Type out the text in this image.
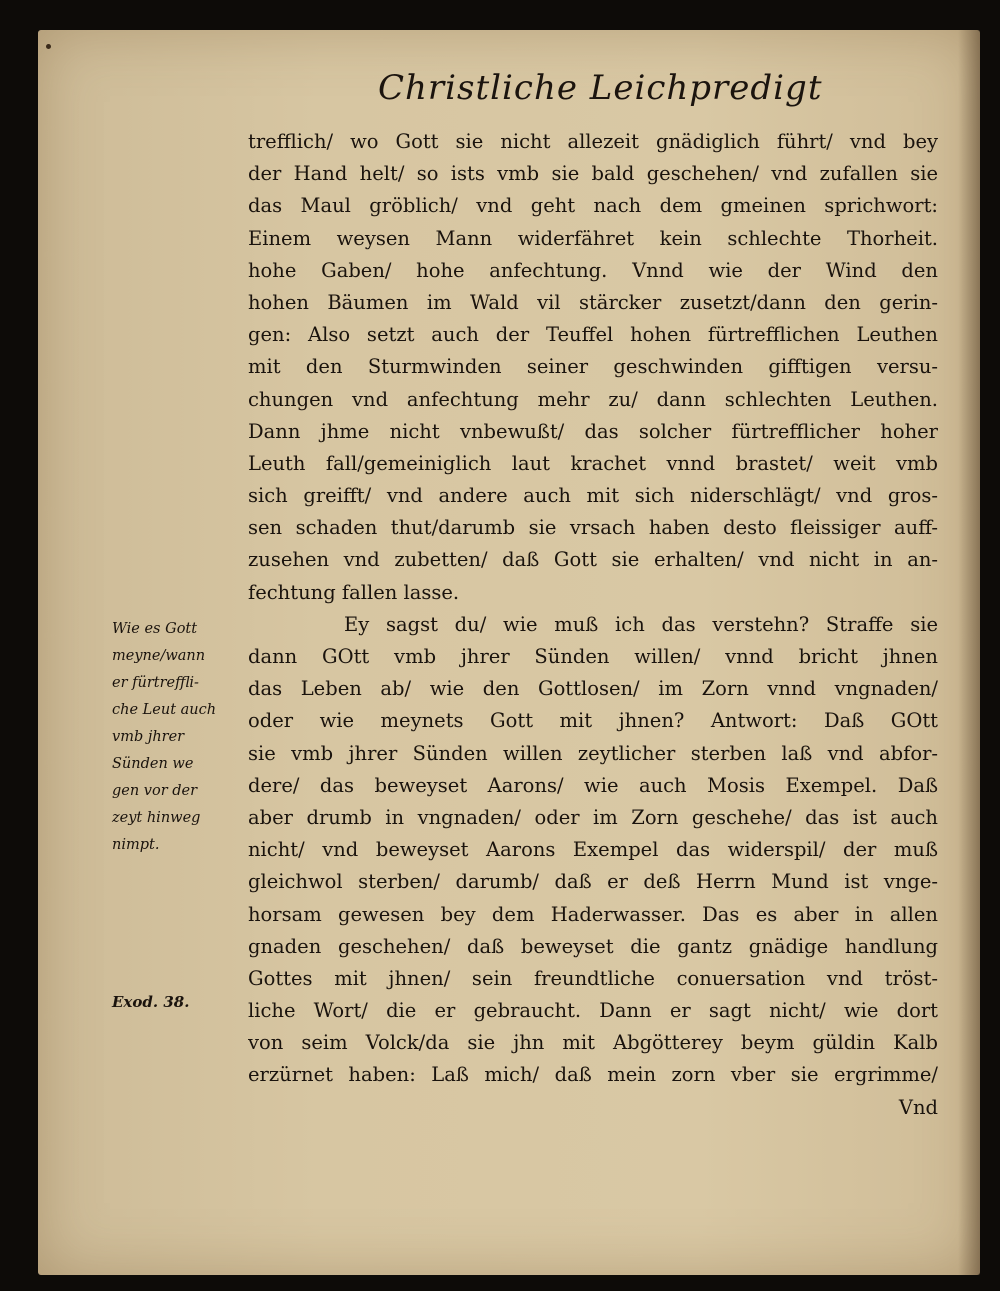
Christliche Leichpredigt
trefflich/ wo Gott sie nicht allezeit gnädiglich führt/ vnd bey
der Hand helt/ so ists vmb sie bald geschehen/ vnd zufallen sie
das Maul gröblich/ vnd geht nach dem gmeinen sprichwort:
Einem weysen Mann widerfähret kein schlechte Thorheit.
hohe Gaben/ hohe anfechtung. Vnnd wie der Wind den
hohen Bäumen im Wald vil stärcker zusetzt/dann den gerin-
gen: Also setzt auch der Teuffel hohen fürtrefflichen Leuthen
mit den Sturmwinden seiner geschwinden gifftigen versu-
chungen vnd anfechtung mehr zu/ dann schlechten Leuthen.
Dann jhme nicht vnbewußt/ das solcher fürtrefflicher hoher
Leuth fall/gemeiniglich laut krachet vnnd brastet/ weit vmb
sich greifft/ vnd andere auch mit sich niderschlägt/ vnd gros-
sen schaden thut/darumb sie vrsach haben desto fleissiger auff-
zusehen vnd zubetten/ daß Gott sie erhalten/ vnd nicht in an-
fechtung fallen lasse.
Ey sagst du/ wie muß ich das verstehn? Straffe sie
dann GOtt vmb jhrer Sünden willen/ vnnd bricht jhnen
das Leben ab/ wie den Gottlosen/ im Zorn vnnd vngnaden/
oder wie meynets Gott mit jhnen? Antwort: Daß GOtt
sie vmb jhrer Sünden willen zeytlicher sterben laß vnd abfor-
dere/ das beweyset Aarons/ wie auch Mosis Exempel. Daß
aber drumb in vngnaden/ oder im Zorn geschehe/ das ist auch
nicht/ vnd beweyset Aarons Exempel das widerspil/ der muß
gleichwol sterben/ darumb/ daß er deß Herrn Mund ist vnge-
horsam gewesen bey dem Haderwasser. Das es aber in allen
gnaden geschehen/ daß beweyset die gantz gnädige handlung
Gottes mit jhnen/ sein freundtliche conuersation vnd tröst-
liche Wort/ die er gebraucht. Dann er sagt nicht/ wie dort
von seim Volck/da sie jhn mit Abgötterey beym güldin Kalb
erzürnet haben: Laß mich/ daß mein zorn vber sie ergrimme/
Vnd
Wie es Gott
meyne/wann
er fürtreffli-
che Leut auch
vmb jhrer
Sünden we
gen vor der
zeyt hinweg
nimpt.
Exod. 38.
